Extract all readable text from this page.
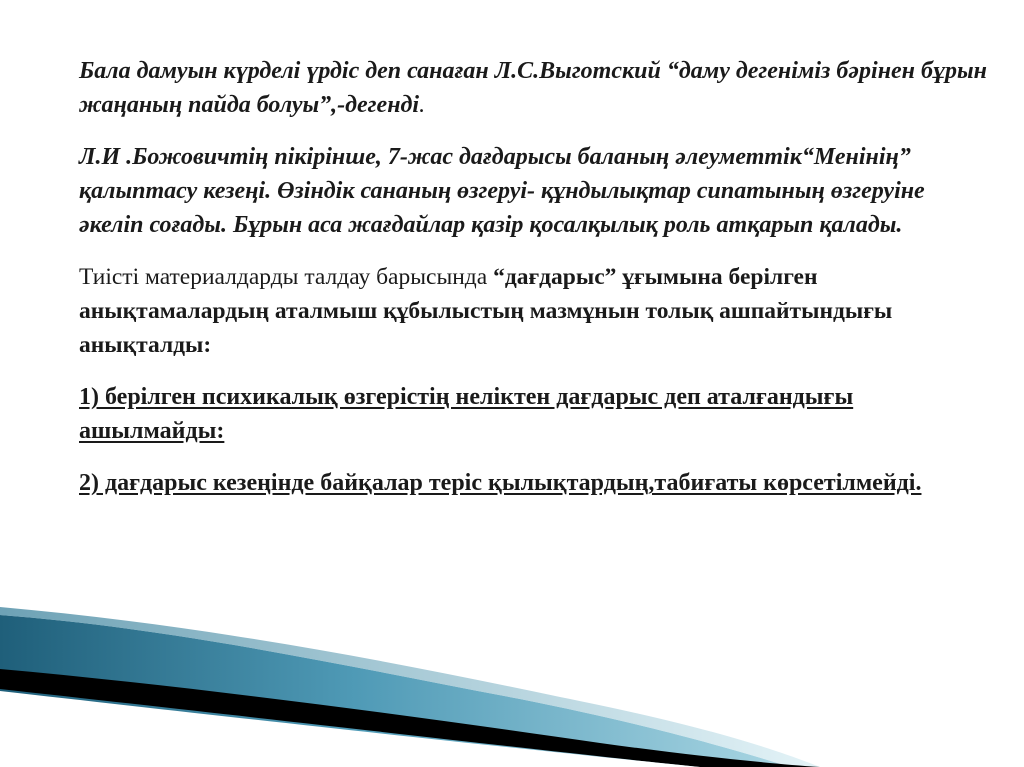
Бала дамуын күрделі үрдіс деп санаған Л.С.Выготский “даму дегеніміз бәрінен бұрын жаңаның пайда болуы”,-дегенді.

Л.И .Божовичтің пікірінше, 7-жас дағдарысы баланың әлеуметтік“Менінің” қалыптасу кезеңі. Өзіндік сананың өзгеруі- құндылықтар сипатының өзгеруіне әкеліп соғады. Бұрын аса жағдайлар қазір қосалқылық роль атқарып қалады.

Тиісті материалдарды талдау барысында “дағдарыс” ұғымына берілген анықтамалардың аталмыш құбылыстың мазмұнын толық ашпайтындығы анықталды:

1) берілген психикалық өзгерістің неліктен дағдарыс деп аталғандығы ашылмайды:

2) дағдарыс кезеңінде байқалар теріс қылықтардың,табиғаты көрсетілмейді.
